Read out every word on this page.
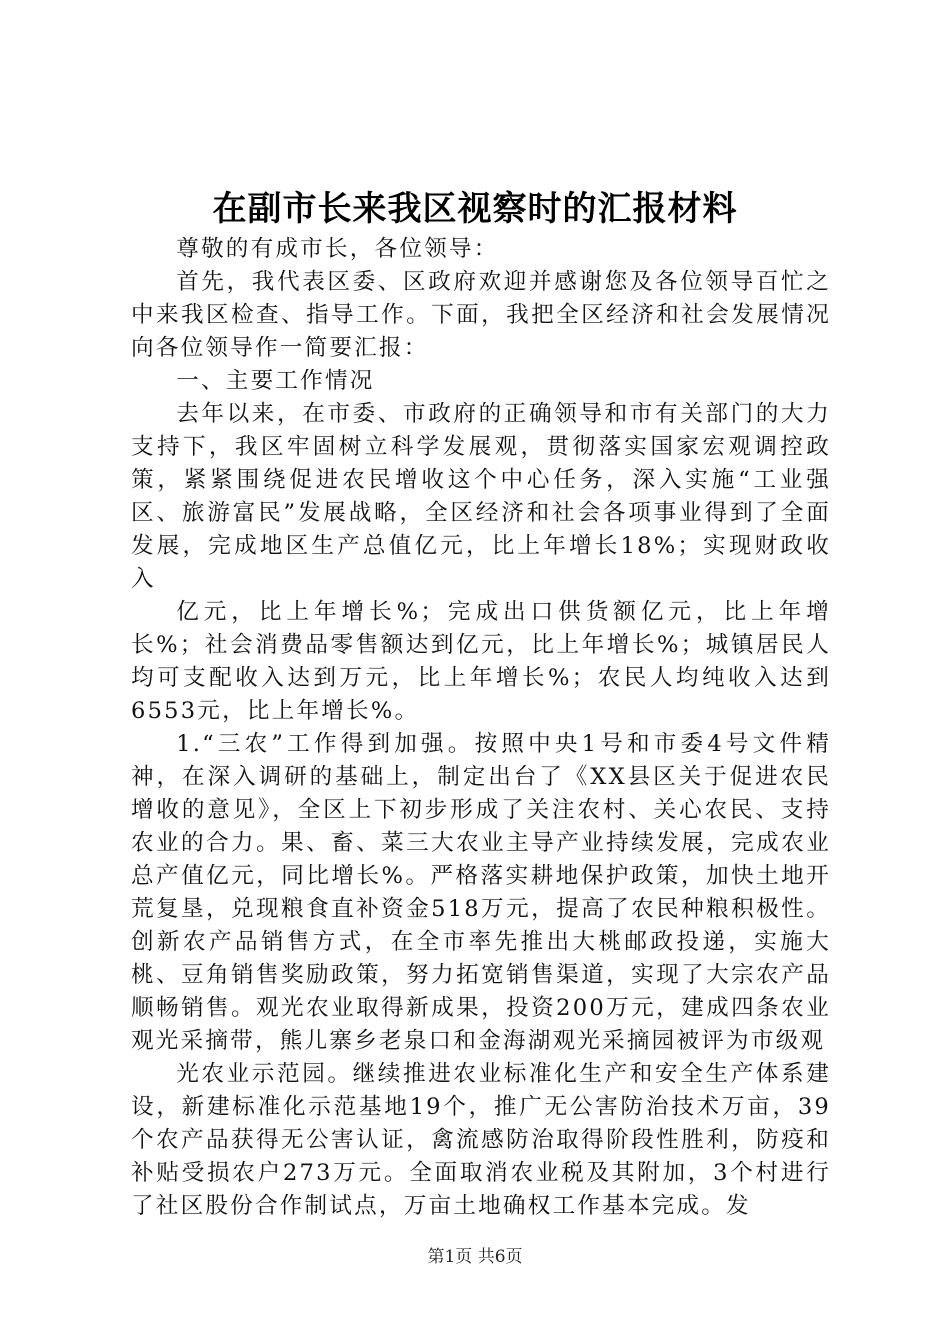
在副市长来我区视察时的汇报材料

尊敬的有成市长，各位领导：

首先，我代表区委、区政府欢迎并感谢您及各位领导百忙之中来我区检查、指导工作。下面，我把全区经济和社会发展情况向各位领导作一简要汇报：

一、主要工作情况

去年以来，在市委、市政府的正确领导和市有关部门的大力支持下，我区牢固树立科学发展观，贯彻落实国家宏观调控政策，紧紧围绕促进农民增收这个中心任务，深入实施“工业强区、旅游富民”发展战略，全区经济和社会各项事业得到了全面发展，完成地区生产总值亿元，比上年增长18%；实现财政收入

亿元，比上年增长%；完成出口供货额亿元，比上年增长%；社会消费品零售额达到亿元，比上年增长%；城镇居民人均可支配收入达到万元，比上年增长%；农民人均纯收入达到6553元，比上年增长%。

1.“三农”工作得到加强。按照中央1号和市委4号文件精神，在深入调研的基础上，制定出台了《XX县区关于促进农民增收的意见》，全区上下初步形成了关注农村、关心农民、支持农业的合力。果、畜、菜三大农业主导产业持续发展，完成农业总产值亿元，同比增长%。严格落实耕地保护政策，加快土地开荒复垦，兑现粮食直补资金518万元，提高了农民种粮积极性。创新农产品销售方式，在全市率先推出大桃邮政投递，实施大桃、豆角销售奖励政策，努力拓宽销售渠道，实现了大宗农产品顺畅销售。观光农业取得新成果，投资200万元，建成四条农业观光采摘带，熊儿寨乡老泉口和金海湖观光采摘园被评为市级观

光农业示范园。继续推进农业标准化生产和安全生产体系建设，新建标准化示范基地19个，推广无公害防治技术万亩，39个农产品获得无公害认证，禽流感防治取得阶段性胜利，防疫和补贴受损农户273万元。全面取消农业税及其附加，3个村进行了社区股份合作制试点，万亩土地确权工作基本完成。发

第1页 共6页
